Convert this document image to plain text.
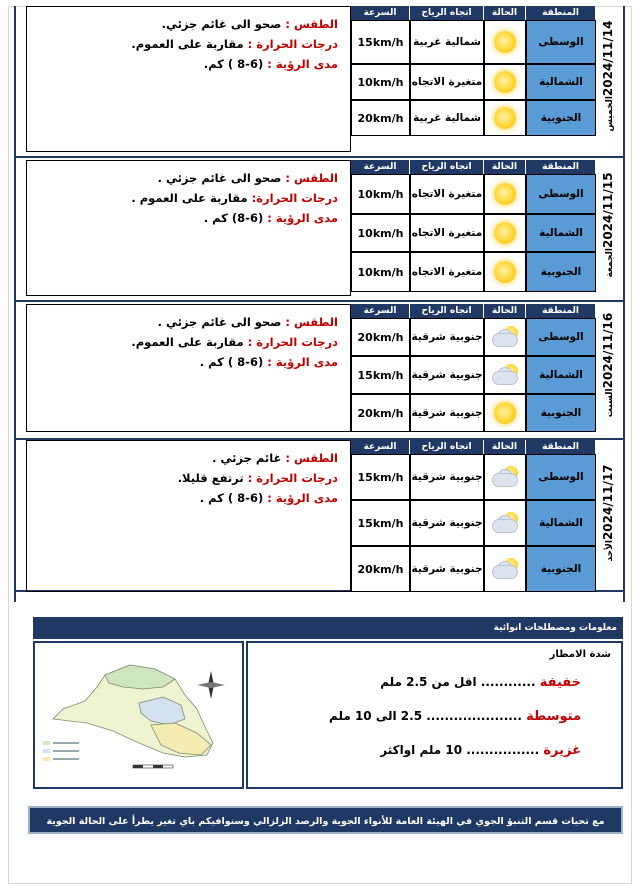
الطقس : صحو الى غائم جزئي.
درجات الحرارة : مقاربة على العموم.
مدى الرؤية : (6-8 ) كم.
المنطقة
الحالة
اتجاه الرياح
السرعة
الوسطى
شمالية غربية
15km/h
الشمالية
متغيرة الاتجاه
10km/h
الجنوبية
شمالية غربية
20km/h
2024/11/14الخميس
الطقس : صحو الى غائم جزئي .
درجات الحرارة: مقاربة على العموم .
مدى الرؤية : (6-8) كم .
المنطقة
الحالة
اتجاه الرياح
السرعة
الوسطى
متغيرة الاتجاه
10km/h
الشمالية
متغيرة الاتجاه
10km/h
الجنوبية
متغيرة الاتجاه
10km/h
2024/11/15الجمعة
الطقس : صحو الى غائم جزئي .
درجات الحرارة : مقاربة على العموم.
مدى الرؤية : (6-8 ) كم .
المنطقة
الحالة
اتجاه الرياح
السرعة
الوسطى
جنوبية شرقية
20km/h
الشمالية
جنوبية شرقية
15km/h
الجنوبية
جنوبية شرقية
20km/h
2024/11/16السبت
الطقس : غائم جزئي .
درجات الحرارة : ترتفع قليلا.
مدى الرؤية : (6-8 ) كم .
المنطقة
الحالة
اتجاه الرياح
السرعة
الوسطى
جنوبية شرقية
15km/h
الشمالية
جنوبية شرقية
15km/h
الجنوبية
جنوبية شرقية
20km/h
2024/11/17الأحد
معلومات ومصطلحات انوائية
شدة الامطار
خفيفة ............ اقل من 2.5 ملم
متوسطة ..................... 2.5 الى 10 ملم
غزيرة ................ 10 ملم اواكثر
مع تحيات قسم التنبؤ الجوي في الهيئة العامة للأنواء الجوية والرصد الزلزالي وسنوافيكم باي تغير يطرأ على الحالة الجوية
